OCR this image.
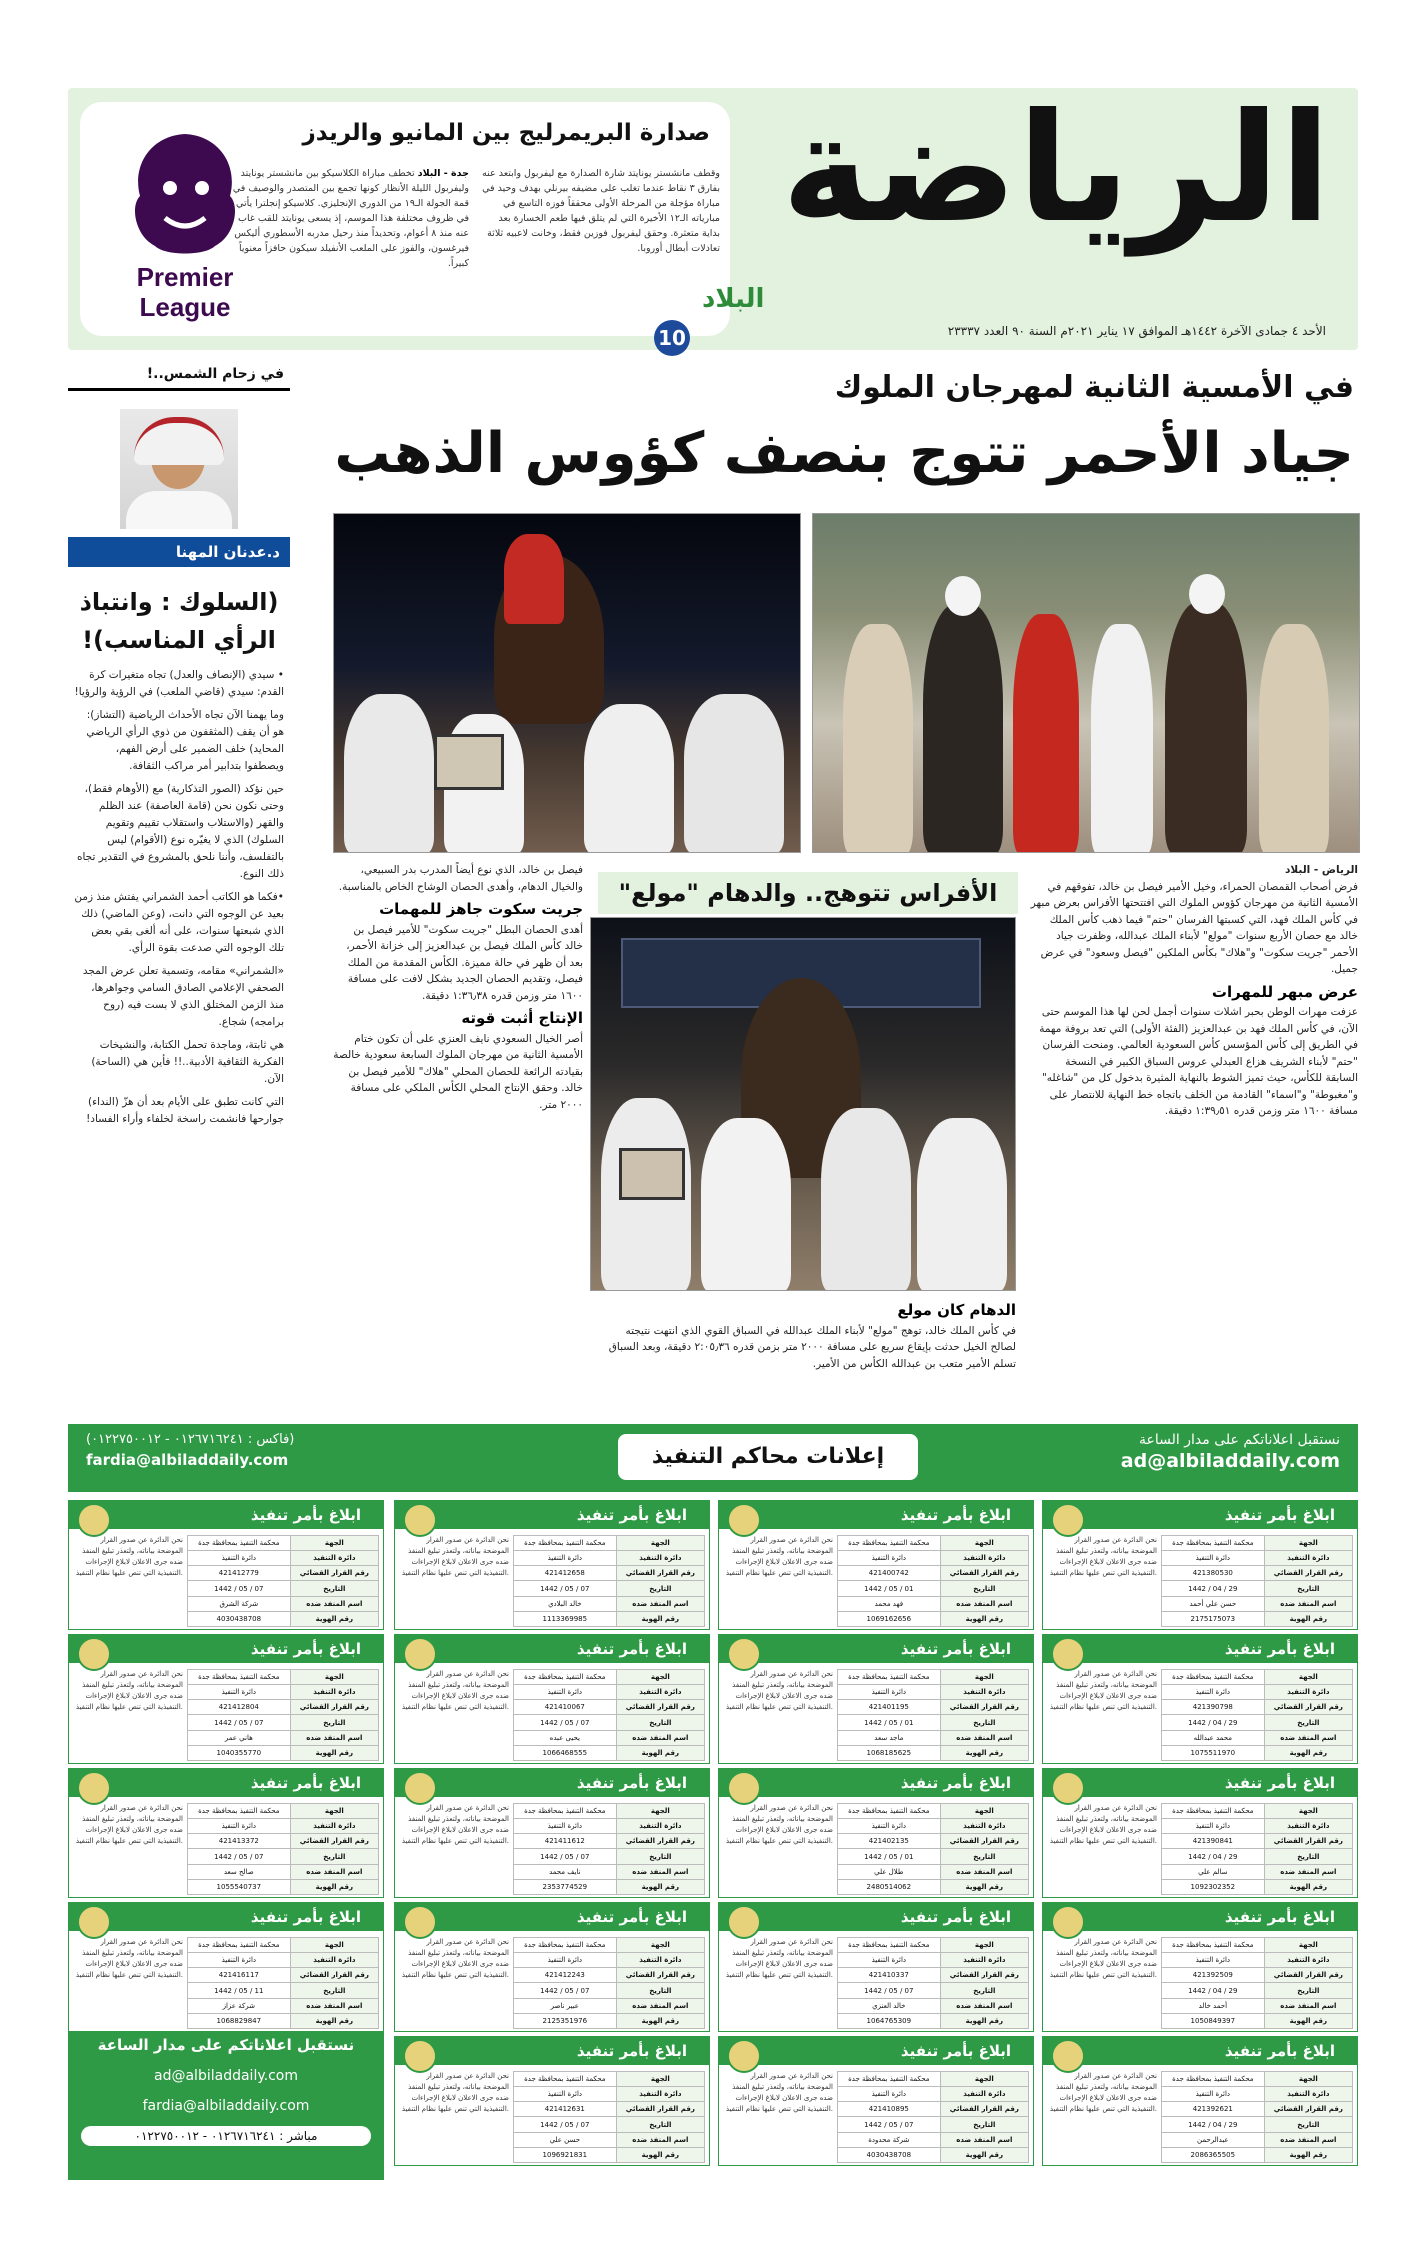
Premier
League
صدارة البريمرليج بين المانيو والريدز
جدة - البلاد تخطف مباراة الكلاسيكو بين مانشستر يونايتد وليفربول الليلة الأنظار كونها تجمع بين المتصدر والوصيف في قمة الجولة الـ١٩ من الدوري الإنجليزي. كلاسيكو إنجلترا يأتي في ظروف مختلفة هذا الموسم، إذ يسعى يونايتد للقب غاب عنه منذ ٨ أعوام، وتحديداً منذ رحيل مدربه الأسطوري أليكس فيرغسون، والفوز على الملعب الأنفيلد سيكون حافزاً معنوياً كبيراً.
وقطف مانشستر يونايتد شارة الصدارة مع ليفربول وابتعد عنه بفارق ٣ نقاط عندما تغلب على مضيفه بيرنلي بهدف وحيد في مباراة مؤجلة من المرحلة الأولى محققاً فوزه التاسع في مبارياته الـ١٢ الأخيرة التي لم يتلق فيها طعم الخسارة بعد بداية متعثرة. وحقق ليفربول فوزين فقط، وخانت لاعبيه ثلاثة تعادلات أبطال أوروبا. الرياضة
10
البلاد
الأحد ٤ جمادى الآخرة ١٤٤٢هـ الموافق ١٧ يناير ٢٠٢١م السنة ٩٠ العدد ٢٣٣٣٧
في زحام الشمس..!
د.عدنان المهنا
(السلوك : وانتباذ الرأي المناسب)!

• سيدي (الإنصاف والعدل) تجاه متغيرات كرة القدم: سيدي (قاضي الملعب) في الرؤية والرؤيا!

وما يهمنا الآن تجاه الأحداث الرياضية (التشاز): هو أن يقف (المثقفون من ذوي الرأي الرياضي المحايد) خلف الضمير على أرض الفهم، ويصطفوا بتدابير أمر مراكب الثقافة.

حين نؤكد (الصور التذكارية) مع (الأوهام فقط)، وحتى نكون نحن (قامة العاصفة) عند الظلم والقهر (والاستلاب واستقلاب تقييم وتقويم السلوك) الذي لا يغيّره نوع (الأقوام) ليس بالتفلسف، وأننا نلحق بالمشروع في التقدير تجاه ذلك النوع.

•فكما هو الكاتب أحمد الشمراني يفتش منذ زمن بعيد عن الوجوه التي دانت، (وعن الماضي) ذلك الذي شبعتها سنوات، على أنه ألغى بقي بعض تلك الوجوه التي صدعت بقوة الرأي.

«الشمراني» مقامه، وتسمية تعلن عرض المجد الصحفي الإعلامي الصادق السامي وجواهرها، منذ الزمن المختلق الذي لا بست فيه (روح برامجه) شجاع.

هي ثابتة، وماجدة تحمل الكتابة، والنشيخات الفكرية الثقافية الأدبية..!! فأين هي (الساحة) الآن.

التي كانت تطبق على الأيام بعد أن هزّ (النداء) جوارحها فانشمت راسخة لخلفاء وأراء الفساد!

في الأمسية الثانية لمهرجان الملوك
جياد الأحمر تتوج بنصف كؤوس الذهب
الأفراس تتوهج.. والدهام "مولع"

الرياض - البلاد

فرض أصحاب القمصان الحمراء، وخيل الأمير فيصل بن خالد، تفوقهم في الأمسية الثانية من مهرجان كؤوس الملوك التي افتتحتها الأفراس بعرض مبهر في كأس الملك فهد، التي كسبتها الفرسان "حتم" فيما ذهب كأس الملك خالد مع حصان الأربع سنوات "مولع" لأبناء الملك عبدالله، وظفرت جياد الأحمر "جريت سكوت" و"هلاك" بكأس الملكين "فيصل وسعود" في عرض جميل.

عرض مبهر للمهرات

عزفت مهرات الوطن بحبر اشلات سنوات أجمل لحن لها هذا الموسم حتى الآن، في كأس الملك فهد بن عبدالعزيز (الفئة الأولى) التي تعد بروفة مهمة في الطريق إلى كأس المؤسس كأس السعودية العالمي. ومنحت الفرسان "حتم" لأبناء الشريف هزاع العبدلي عروس السباق الكبير في النسخة السابقة للكأس، حيث تميز الشوط بالنهاية المثيرة بدخول كل من "شاغله" و"مغبوطة" و"اسماء" القادمة من الخلف باتجاه خط النهاية للانتصار على مسافة ١٦٠٠ متر وزمن قدره ١:٣٩٫٥١ دقيقة.

فيصل بن خالد، الذي نوع أيضاً المدرب بدر السبيعي، والخيال الدهام، وأهدى الحصان الوشاح الخاص بالمناسبة.

جريت سكوت جاهز للمهمات

أهدى الحصان البطل "جريت سكوت" للأمير فيصل بن خالد كأس الملك فيصل بن عبدالعزيز إلى خزانة الأحمر، بعد أن ظهر في حالة مميزة. الكأس المقدمة من الملك فيصل، وتقديم الحصان الجديد بشكل لافت على مسافة ١٦٠٠ متر وزمن قدره ١:٣٦٫٣٨ دقيقة.

الإنتاج أثبت قوته

أصر الخيال السعودي نايف العنزي على أن تكون ختام الأمسية الثانية من مهرجان الملوك السابعة سعودية خالصة بقيادته الرائعة للحصان المحلي "هلاك" للأمير فيصل بن خالد. وحقق الإنتاج المحلي الكأس الملكي على مسافة ٢٠٠٠ متر.

الدهام كان مولع

في كأس الملك خالد، توهج "مولع" لأبناء الملك عبدالله في السباق القوي الذي انتهت نتيجته لصالح الخيل حدثت بإيقاع سريع على مسافة ٢٠٠٠ متر بزمن قدره ٢:٠٥٫٣٦ دقيقة، وبعد السباق تسلم الأمير متعب بن عبدالله الكأس من الأمير.

نستقبل اعلاناتكم على مدار الساعة
ad@albiladdaily.com
إعلانات محاكم التنفيذ
(فاكس : ٠١٢٦٧١٦٢٤١ - ٠١٢٢٧٥٠٠١٢)
fardia@albiladdaily.com
نستقبل اعلاناتكم على مدار الساعة
ad@albiladdaily.com
fardia@albiladdaily.com
مباشر : ٠١٢٦٧١٦٢٤١ - ٠١٢٢٧٥٠٠١٢
ابلاغ بأمر تنفيذ
الجهة	محكمة التنفيذ بمحافظة جدة
دائرة التنفيذ	دائرة التنفيذ
رقم القرار القضائي	421380530
التاريخ	29 / 04 / 1442
اسم المنفذ ضده	حسن علي أحمد
رقم الهوية	2175175073
نحن الدائرة عن صدور القرار الموضحة بياناته، ولتعذر تبليغ المنفذ ضده جرى الاعلان لابلاغ الإجراءات التنفيذية التي تنص عليها نظام التنفيذ.
ابلاغ بأمر تنفيذ
الجهة	محكمة التنفيذ بمحافظة جدة
دائرة التنفيذ	دائرة التنفيذ
رقم القرار القضائي	421390798
التاريخ	29 / 04 / 1442
اسم المنفذ ضده	محمد عبدالله
رقم الهوية	1075511970
نحن الدائرة عن صدور القرار الموضحة بياناته، ولتعذر تبليغ المنفذ ضده جرى الاعلان لابلاغ الإجراءات التنفيذية التي تنص عليها نظام التنفيذ.
ابلاغ بأمر تنفيذ
الجهة	محكمة التنفيذ بمحافظة جدة
دائرة التنفيذ	دائرة التنفيذ
رقم القرار القضائي	421390841
التاريخ	29 / 04 / 1442
اسم المنفذ ضده	سالم علي
رقم الهوية	1092302352
نحن الدائرة عن صدور القرار الموضحة بياناته، ولتعذر تبليغ المنفذ ضده جرى الاعلان لابلاغ الإجراءات التنفيذية التي تنص عليها نظام التنفيذ.
ابلاغ بأمر تنفيذ
الجهة	محكمة التنفيذ بمحافظة جدة
دائرة التنفيذ	دائرة التنفيذ
رقم القرار القضائي	421392509
التاريخ	29 / 04 / 1442
اسم المنفذ ضده	أحمد خالد
رقم الهوية	1050849397
نحن الدائرة عن صدور القرار الموضحة بياناته، ولتعذر تبليغ المنفذ ضده جرى الاعلان لابلاغ الإجراءات التنفيذية التي تنص عليها نظام التنفيذ.
ابلاغ بأمر تنفيذ
الجهة	محكمة التنفيذ بمحافظة جدة
دائرة التنفيذ	دائرة التنفيذ
رقم القرار القضائي	421392621
التاريخ	29 / 04 / 1442
اسم المنفذ ضده	عبدالرحمن
رقم الهوية	2086365505
نحن الدائرة عن صدور القرار الموضحة بياناته، ولتعذر تبليغ المنفذ ضده جرى الاعلان لابلاغ الإجراءات التنفيذية التي تنص عليها نظام التنفيذ.
ابلاغ بأمر تنفيذ
الجهة	محكمة التنفيذ بمحافظة جدة
دائرة التنفيذ	دائرة التنفيذ
رقم القرار القضائي	421400742
التاريخ	01 / 05 / 1442
اسم المنفذ ضده	فهد محمد
رقم الهوية	1069162656
نحن الدائرة عن صدور القرار الموضحة بياناته، ولتعذر تبليغ المنفذ ضده جرى الاعلان لابلاغ الإجراءات التنفيذية التي تنص عليها نظام التنفيذ.
ابلاغ بأمر تنفيذ
الجهة	محكمة التنفيذ بمحافظة جدة
دائرة التنفيذ	دائرة التنفيذ
رقم القرار القضائي	421401195
التاريخ	01 / 05 / 1442
اسم المنفذ ضده	ماجد سعد
رقم الهوية	1068185625
نحن الدائرة عن صدور القرار الموضحة بياناته، ولتعذر تبليغ المنفذ ضده جرى الاعلان لابلاغ الإجراءات التنفيذية التي تنص عليها نظام التنفيذ.
ابلاغ بأمر تنفيذ
الجهة	محكمة التنفيذ بمحافظة جدة
دائرة التنفيذ	دائرة التنفيذ
رقم القرار القضائي	421402135
التاريخ	01 / 05 / 1442
اسم المنفذ ضده	طلال علي
رقم الهوية	2480514062
نحن الدائرة عن صدور القرار الموضحة بياناته، ولتعذر تبليغ المنفذ ضده جرى الاعلان لابلاغ الإجراءات التنفيذية التي تنص عليها نظام التنفيذ.
ابلاغ بأمر تنفيذ
الجهة	محكمة التنفيذ بمحافظة جدة
دائرة التنفيذ	دائرة التنفيذ
رقم القرار القضائي	421410337
التاريخ	07 / 05 / 1442
اسم المنفذ ضده	خالد العنزي
رقم الهوية	1064765309
نحن الدائرة عن صدور القرار الموضحة بياناته، ولتعذر تبليغ المنفذ ضده جرى الاعلان لابلاغ الإجراءات التنفيذية التي تنص عليها نظام التنفيذ.
ابلاغ بأمر تنفيذ
الجهة	محكمة التنفيذ بمحافظة جدة
دائرة التنفيذ	دائرة التنفيذ
رقم القرار القضائي	421410895
التاريخ	07 / 05 / 1442
اسم المنفذ ضده	شركة محدودة
رقم الهوية	4030438708
نحن الدائرة عن صدور القرار الموضحة بياناته، ولتعذر تبليغ المنفذ ضده جرى الاعلان لابلاغ الإجراءات التنفيذية التي تنص عليها نظام التنفيذ.
ابلاغ بأمر تنفيذ
الجهة	محكمة التنفيذ بمحافظة جدة
دائرة التنفيذ	دائرة التنفيذ
رقم القرار القضائي	421412658
التاريخ	07 / 05 / 1442
اسم المنفذ ضده	خالد البلادي
رقم الهوية	1113369985
نحن الدائرة عن صدور القرار الموضحة بياناته، ولتعذر تبليغ المنفذ ضده جرى الاعلان لابلاغ الإجراءات التنفيذية التي تنص عليها نظام التنفيذ.
ابلاغ بأمر تنفيذ
الجهة	محكمة التنفيذ بمحافظة جدة
دائرة التنفيذ	دائرة التنفيذ
رقم القرار القضائي	421410067
التاريخ	07 / 05 / 1442
اسم المنفذ ضده	يحيى عبده
رقم الهوية	1066468555
نحن الدائرة عن صدور القرار الموضحة بياناته، ولتعذر تبليغ المنفذ ضده جرى الاعلان لابلاغ الإجراءات التنفيذية التي تنص عليها نظام التنفيذ.
ابلاغ بأمر تنفيذ
الجهة	محكمة التنفيذ بمحافظة جدة
دائرة التنفيذ	دائرة التنفيذ
رقم القرار القضائي	421411612
التاريخ	07 / 05 / 1442
اسم المنفذ ضده	نايف محمد
رقم الهوية	2353774529
نحن الدائرة عن صدور القرار الموضحة بياناته، ولتعذر تبليغ المنفذ ضده جرى الاعلان لابلاغ الإجراءات التنفيذية التي تنص عليها نظام التنفيذ.
ابلاغ بأمر تنفيذ
الجهة	محكمة التنفيذ بمحافظة جدة
دائرة التنفيذ	دائرة التنفيذ
رقم القرار القضائي	421412243
التاريخ	07 / 05 / 1442
اسم المنفذ ضده	عبير ناصر
رقم الهوية	2125351976
نحن الدائرة عن صدور القرار الموضحة بياناته، ولتعذر تبليغ المنفذ ضده جرى الاعلان لابلاغ الإجراءات التنفيذية التي تنص عليها نظام التنفيذ.
ابلاغ بأمر تنفيذ
الجهة	محكمة التنفيذ بمحافظة جدة
دائرة التنفيذ	دائرة التنفيذ
رقم القرار القضائي	421412631
التاريخ	07 / 05 / 1442
اسم المنفذ ضده	حسن علي
رقم الهوية	1096921831
نحن الدائرة عن صدور القرار الموضحة بياناته، ولتعذر تبليغ المنفذ ضده جرى الاعلان لابلاغ الإجراءات التنفيذية التي تنص عليها نظام التنفيذ.
ابلاغ بأمر تنفيذ
الجهة	محكمة التنفيذ بمحافظة جدة
دائرة التنفيذ	دائرة التنفيذ
رقم القرار القضائي	421412779
التاريخ	07 / 05 / 1442
اسم المنفذ ضده	شركة الشرق
رقم الهوية	4030438708
نحن الدائرة عن صدور القرار الموضحة بياناته، ولتعذر تبليغ المنفذ ضده جرى الاعلان لابلاغ الإجراءات التنفيذية التي تنص عليها نظام التنفيذ.
ابلاغ بأمر تنفيذ
الجهة	محكمة التنفيذ بمحافظة جدة
دائرة التنفيذ	دائرة التنفيذ
رقم القرار القضائي	421412804
التاريخ	07 / 05 / 1442
اسم المنفذ ضده	هاني عمر
رقم الهوية	1040355770
نحن الدائرة عن صدور القرار الموضحة بياناته، ولتعذر تبليغ المنفذ ضده جرى الاعلان لابلاغ الإجراءات التنفيذية التي تنص عليها نظام التنفيذ.
ابلاغ بأمر تنفيذ
الجهة	محكمة التنفيذ بمحافظة جدة
دائرة التنفيذ	دائرة التنفيذ
رقم القرار القضائي	421413372
التاريخ	07 / 05 / 1442
اسم المنفذ ضده	صالح سعد
رقم الهوية	1055540737
نحن الدائرة عن صدور القرار الموضحة بياناته، ولتعذر تبليغ المنفذ ضده جرى الاعلان لابلاغ الإجراءات التنفيذية التي تنص عليها نظام التنفيذ.
ابلاغ بأمر تنفيذ
الجهة	محكمة التنفيذ بمحافظة جدة
دائرة التنفيذ	دائرة التنفيذ
رقم القرار القضائي	421416117
التاريخ	11 / 05 / 1442
اسم المنفذ ضده	شركة عزاز
رقم الهوية	1068829847
نحن الدائرة عن صدور القرار الموضحة بياناته، ولتعذر تبليغ المنفذ ضده جرى الاعلان لابلاغ الإجراءات التنفيذية التي تنص عليها نظام التنفيذ.
